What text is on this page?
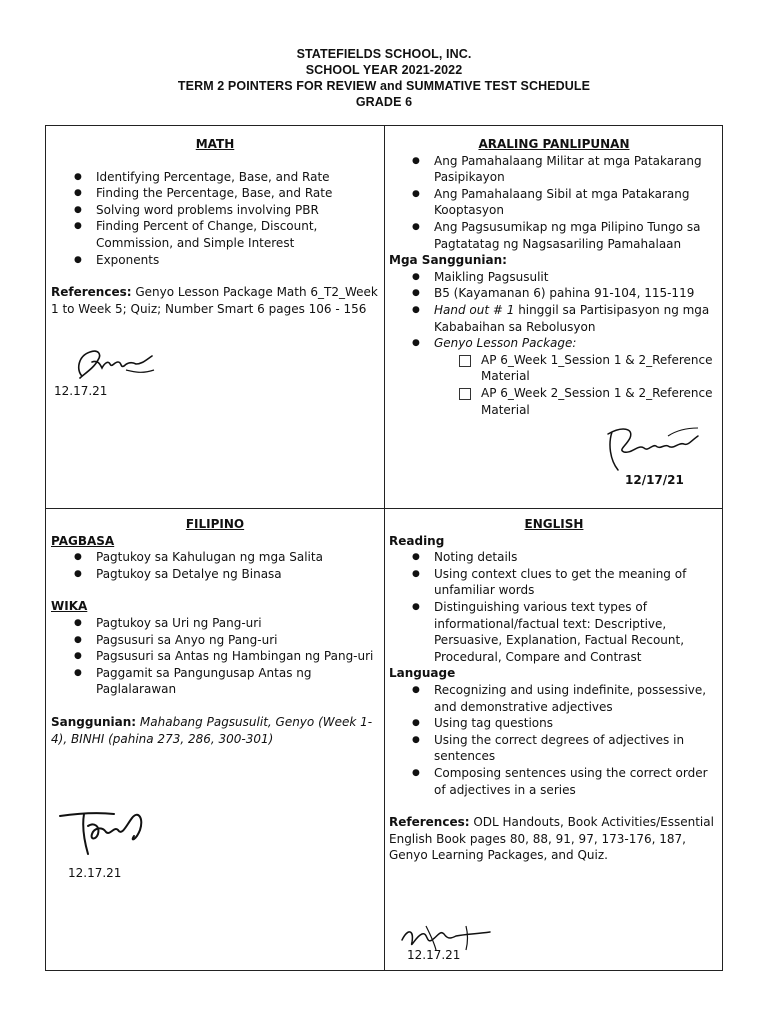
STATEFIELDS SCHOOL, INC.
SCHOOL YEAR 2021-2022
TERM 2 POINTERS FOR REVIEW and SUMMATIVE TEST SCHEDULE
GRADE 6
MATH
● Identifying Percentage, Base, and Rate
● Finding the Percentage, Base, and Rate
● Solving word problems involving PBR
● Finding Percent of Change, Discount, Commission, and Simple Interest
● Exponents
References: Genyo Lesson Package Math 6_T2_Week 1 to Week 5; Quiz; Number Smart 6 pages 106 - 156
12.17.21
ARALING PANLIPUNAN
● Ang Pamahalaang Militar at mga Patakarang Pasipikayon
● Ang Pamahalaang Sibil at mga Patakarang Kooptasyon
● Ang Pagsusumikap ng mga Pilipino Tungo sa Pagtatatag ng Nagsasariling Pamahalaan
Mga Sanggunian:
● Maikling Pagsusulit
● B5 (Kayamanan 6) pahina 91-104, 115-119
● Hand out # 1 hinggil sa Partisipasyon ng mga Kababaihan sa Rebolusyon
● Genyo Lesson Package:
AP 6_Week 1_Session 1 & 2_Reference Material
AP 6_Week 2_Session 1 & 2_Reference Material
12/17/21
FILIPINO
PAGBASA
● Pagtukoy sa Kahulugan ng mga Salita
● Pagtukoy sa Detalye ng Binasa
WIKA
● Pagtukoy sa Uri ng Pang-uri
● Pagsusuri sa Anyo ng Pang-uri
● Pagsusuri sa Antas ng Hambingan ng Pang-uri
● Paggamit sa Pangungusap Antas ng Paglalarawan
Sanggunian: Mahabang Pagsusulit, Genyo (Week 1-4), BINHI (pahina 273, 286, 300-301)
12.17.21
ENGLISH
Reading
● Noting details
● Using context clues to get the meaning of unfamiliar words
● Distinguishing various text types of informational/factual text: Descriptive, Persuasive, Explanation, Factual Recount, Procedural, Compare and Contrast
Language
● Recognizing and using indefinite, possessive, and demonstrative adjectives
● Using tag questions
● Using the correct degrees of adjectives in sentences
● Composing sentences using the correct order of adjectives in a series
References: ODL Handouts, Book Activities/Essential English Book pages 80, 88, 91, 97, 173-176, 187, Genyo Learning Packages, and Quiz.
12.17.21
